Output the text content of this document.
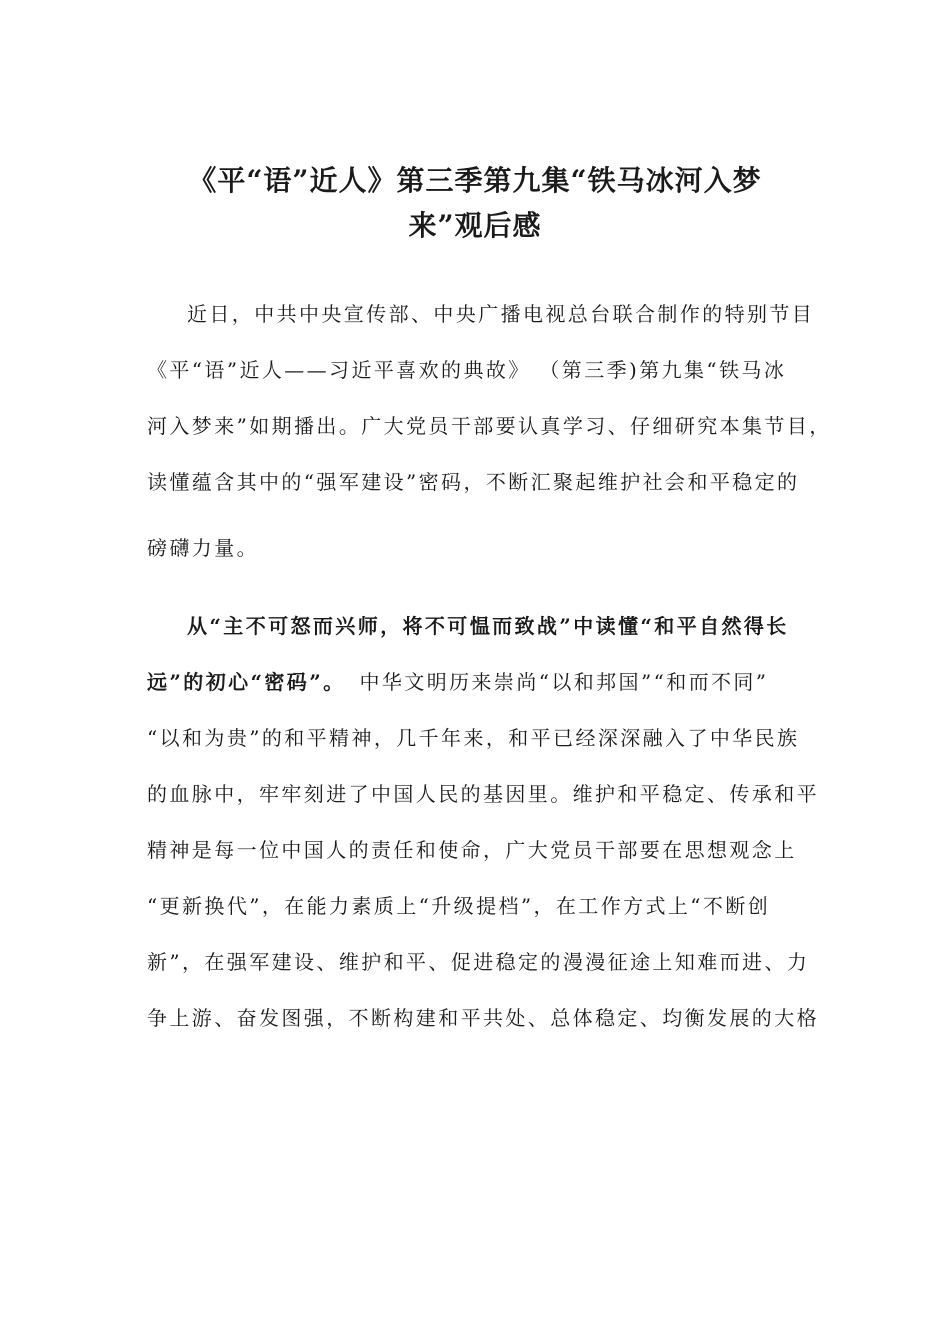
《平“语”近人》第三季第九集“铁马冰河入梦
来”观后感

近日，中共中央宣传部、中央广播电视总台联合制作的特别节目
《平“语”近人——习近平喜欢的典故》 （第三季)第九集“铁马冰
河入梦来”如期播出。广大党员干部要认真学习、仔细研究本集节目，
读懂蕴含其中的“强军建设”密码，不断汇聚起维护社会和平稳定的
磅礴力量。

从“主不可怒而兴师，将不可愠而致战”中读懂“和平自然得长
远”的初心“密码”。 中华文明历来崇尚“以和邦国”“和而不同”
“以和为贵”的和平精神，几千年来，和平已经深深融入了中华民族
的血脉中，牢牢刻进了中国人民的基因里。维护和平稳定、传承和平
精神是每一位中国人的责任和使命，广大党员干部要在思想观念上
“更新换代”，在能力素质上“升级提档”，在工作方式上“不断创
新”，在强军建设、维护和平、促进稳定的漫漫征途上知难而进、力
争上游、奋发图强，不断构建和平共处、总体稳定、均衡发展的大格
